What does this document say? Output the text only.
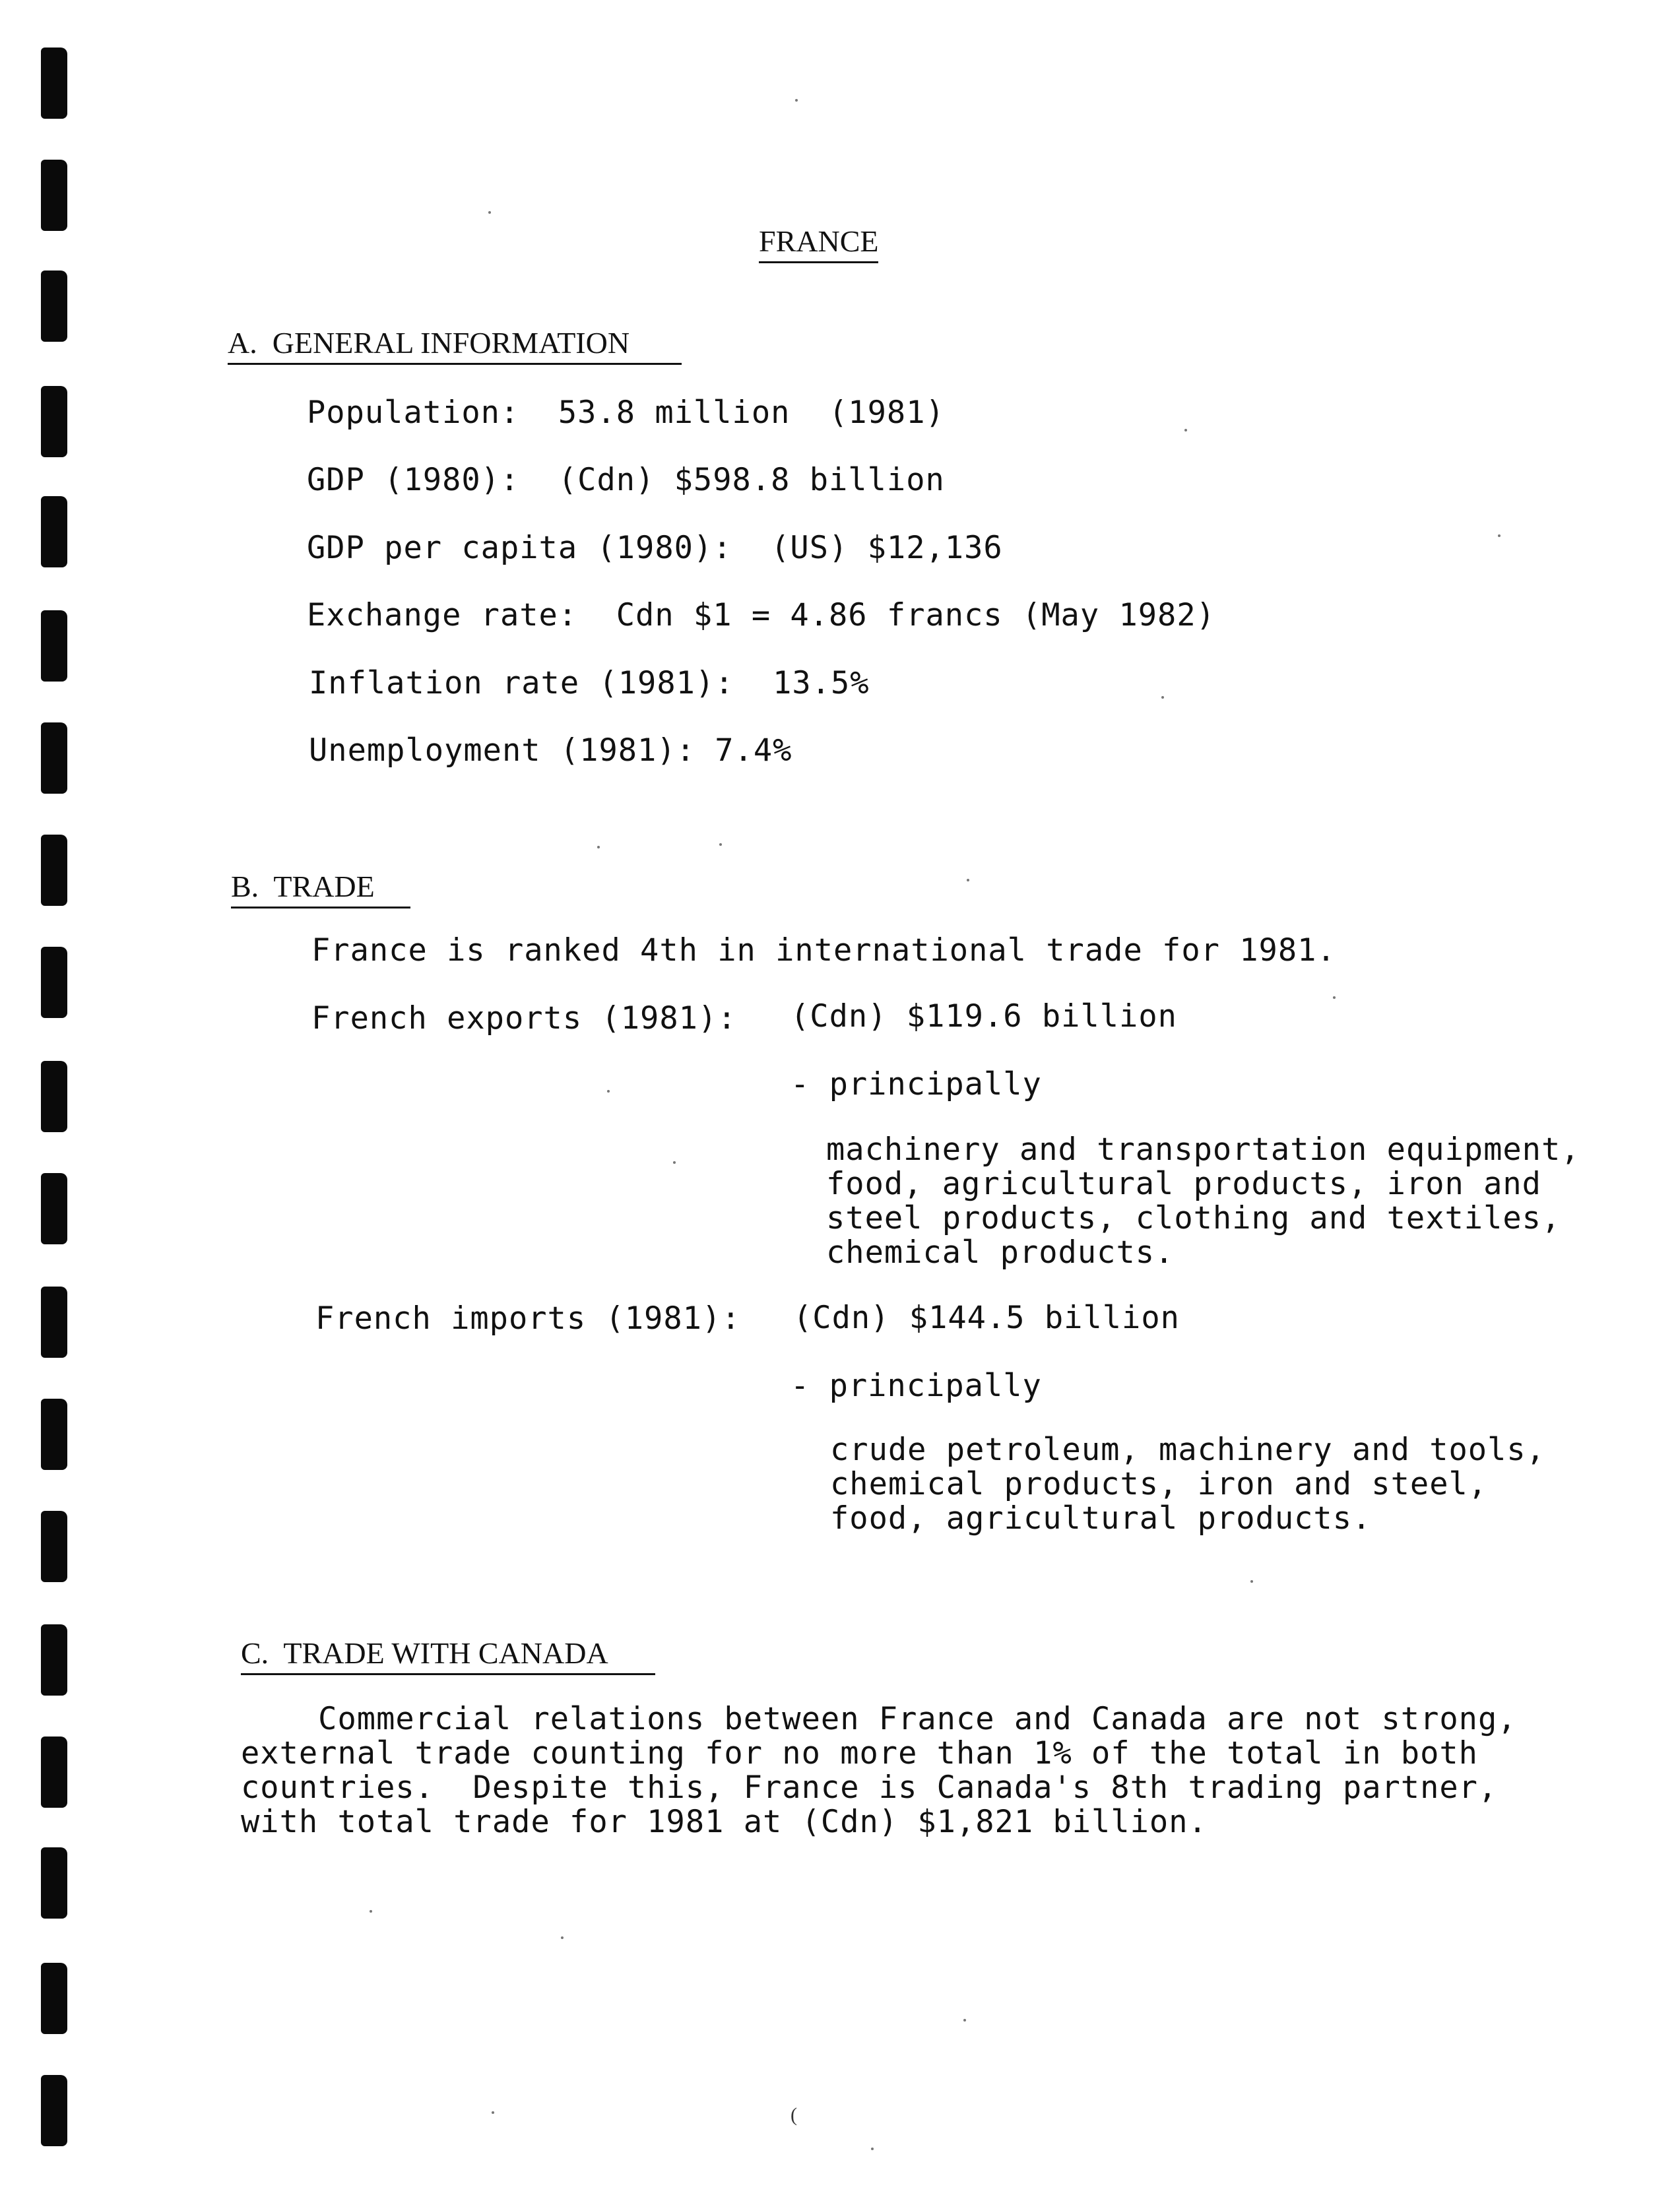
FRANCE
A.  GENERAL INFORMATION
Population:  53.8 million  (1981)
GDP (1980):  (Cdn) $598.8 billion
GDP per capita (1980):  (US) $12,136
Exchange rate:  Cdn $1 = 4.86 francs (May 1982)
Inflation rate (1981):  13.5%
Unemployment (1981): 7.4%
B.  TRADE
France is ranked 4th in international trade for 1981.
French exports (1981): (Cdn) $119.6 billion
- principally
machinery and transportation equipment,
food, agricultural products, iron and
steel products, clothing and textiles,
chemical products.
French imports (1981): (Cdn) $144.5 billion
- principally
crude petroleum, machinery and tools,
chemical products, iron and steel,
food, agricultural products.
C.  TRADE WITH CANADA
Commercial relations between France and Canada are not strong,
external trade counting for no more than 1% of the total in both
countries.  Despite this, France is Canada's 8th trading partner,
with total trade for 1981 at (Cdn) $1,821 billion.
(
